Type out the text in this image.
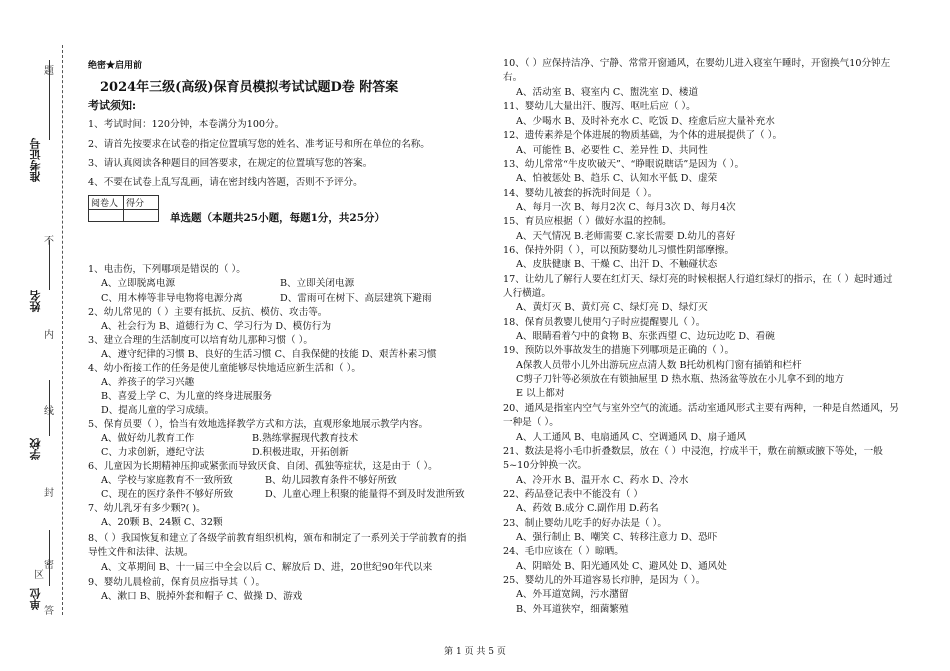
准考证号
姓名
学校
单位
题
不
内
线
封
密
区
答
绝密★启用前
2024年三级(高级)保育员模拟考试试题D卷 附答案
考试须知:
1、考试时间：120分钟，本卷满分为100分。
2、请首先按要求在试卷的指定位置填写您的姓名、准考证号和所在单位的名称。
3、请认真阅读各种题目的回答要求，在规定的位置填写您的答案。
4、不要在试卷上乱写乱画，请在密封线内答题，否则不予评分。
阅卷人	得分

单选题（本题共25小题，每题1分，共25分）
1、电击伤，下列哪项是错误的（ ）。
A、立即脱离电源	B、立即关闭电源
C、用木棒等非导电物将电源分离	D、雷雨可在树下、高层建筑下避雨
2、幼儿常见的（ ）主要有抵抗、反抗、模仿、攻击等。
A、社会行为 B、道德行为 C、学习行为 D、模仿行为
3、建立合理的生活制度可以培育幼儿那种习惯（ ）。
A、遵守纪律的习惯 B、良好的生活习惯 C、自我保健的技能 D、艰苦朴素习惯
4、幼小衔接工作的任务是使儿童能够尽快地适应新生活和（ ）。
A、养孩子的学习兴趣
B、喜爱上学 C、为儿童的终身进展服务
D、提高儿童的学习成绩。
5、保育员要（ ），恰当有效地选择教学方式和方法，直观形象地展示教学内容。
A、做好幼儿教育工作	B.熟练掌握现代教育技术
C、力求创新，遵纪守法	D.积极进取，开拓创新
6、儿童因为长期精神压抑或紧张而导致厌食、自闭、孤独等症状，这是由于（ ）。
A、学校与家庭教育不一致所致	B、幼儿园教育条件不够好所致
C、现在的医疗条件不够好所致	D、儿童心理上积聚的能量得不到及时发泄所致
7、幼儿乳牙有多少颗?( )。
A、20颗 B、24颗 C、32颗
8、（ ）我国恢复和建立了各级学前教育组织机构，颁布和制定了一系列关于学前教育的指
导性文件和法律、法规。
A、文革期间 B、十一届三中全会以后 C、解放后 D、进，20世纪90年代以来
9、婴幼儿晨检前，保育员应指导其（ ）。
A、漱口 B、脱掉外套和帽子 C、做操 D、游戏
10、（ ）应保持洁净、宁静、常常开窗通风，在婴幼儿进入寝室午睡时，开窗换气10分钟左
右。
A、活动室 B、寝室内 C、盥洗室 D、楼道
11、婴幼儿大量出汗、腹泻、呕吐后应（ ）。
A、少喝水 B、及时补充水 C、吃饭 D、痊愈后应大量补充水
12、遗传素养是个体进展的物质基础，为个体的进展提供了（ ）。
A、可能性 B、必要性 C、差异性 D、共同性
13、幼儿常常“牛皮吹破天”、“睁眼说瞎话”是因为（ ）。
A、怕被惩处 B、趋乐 C、认知水平低 D、虚荣
14、婴幼儿被套的拆洗时间是（ ）。
A、每月一次 B、每月2次 C、每月3次 D、每月4次
15、育员应根据（ ）做好水温的控制。
A、天气情况 B.老师需要 C.家长需要 D.幼儿的喜好
16、保持外阴（ ），可以预防婴幼儿习惯性阴部摩擦。
A、皮肤健康 B、干燥 C、出汗 D、不触碰状态
17、让幼儿了解行人要在红灯天、绿灯亮的时候根据人行道红绿灯的指示，在（ ）起时通过
人行横道。
A、黄灯灭 B、黄灯亮 C、绿灯亮 D、绿灯灭
18、保育员教婴儿使用勺子时应提醒婴儿（ ）。
A、眼睛看着勺中的食物 B、东张西望 C、边玩边吃 D、看碗
19、预防以外事故发生的措施下列哪项是正确的（ ）。
A保教人员带小儿外出游玩应点清人数 B托幼机构门窗有插销和栏杆
C剪子刀针等必须放在有锁抽屉里 D 热水瓶、热汤盆等放在小儿拿不到的地方
E 以上都对
20、通风是指室内空气与室外空气的流通。活动室通风形式主要有两种，一种是自然通风，另
一种是（ ）。
A、人工通风 B、电扇通风 C、空调通风 D、扇子通风
21、数法是将小毛巾折叠数层，放在（ ）中浸泡，拧成半干，敷在前额或腋下等处，一般
5~10分钟换一次。
A、冷开水 B、温开水 C、药水 D、冷水
22、药品登记表中不能没有（ ）
A、药效 B.成分 C.副作用 D.药名
23、制止婴幼儿吃手的好办法是（ ）。
A、强行制止 B、嘲笑 C、转移注意力 D、恐吓
24、毛巾应该在（ ）晾晒。
A、阴暗处 B、阳光通风处 C、避风处 D、通风处
25、婴幼儿的外耳道容易长疖肿，是因为（ ）。
A、外耳道宽阔，污水潴留
B、外耳道狭窄，细菌繁殖
第 1 页 共 5 页
